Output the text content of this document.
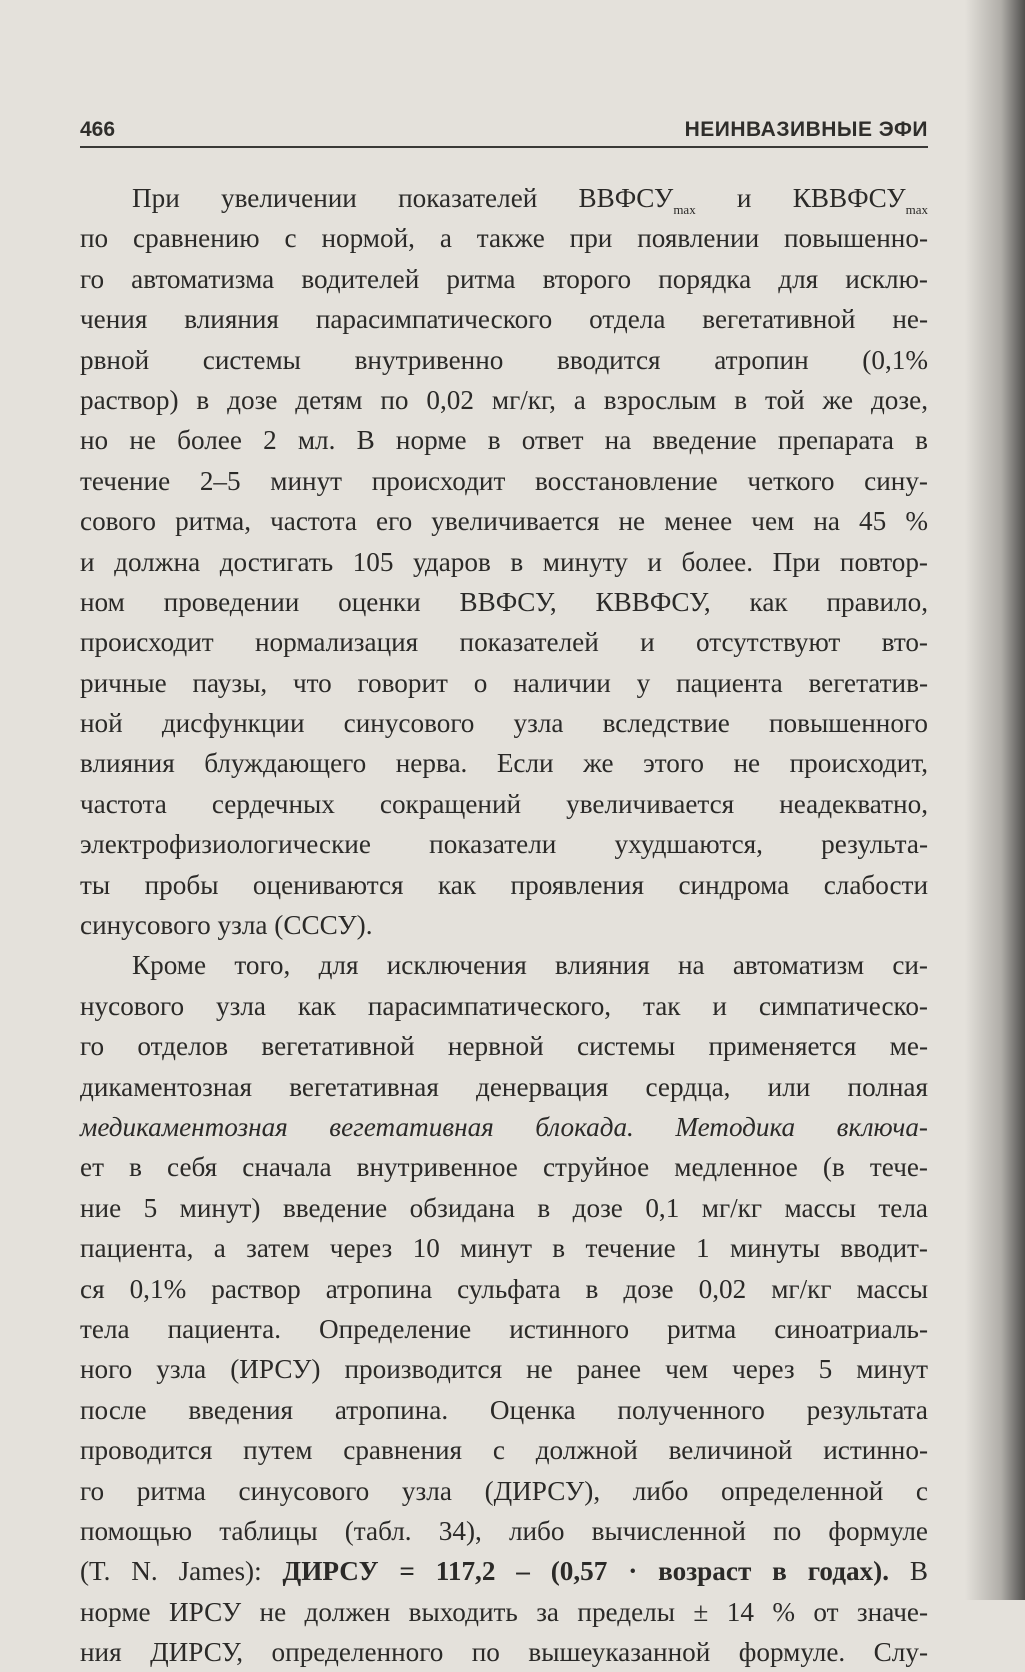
466	НЕИНВАЗИВНЫЕ ЭФИ
При увеличении показателей $ВВФСУ_{max}$ и $КВВФСУ_{max}$
по сравнению с нормой, а также при появлении повышенно-
го автоматизма водителей ритма второго порядка для исклю-
чения влияния парасимпатического отдела вегетативной не-
рвной системы внутривенно вводится атропин (0,1%
раствор) в дозе детям по 0,02 мг/кг, а взрослым в той же дозе,
но не более 2 мл. В норме в ответ на введение препарата в
течение 2–5 минут происходит восстановление четкого сину-
сового ритма, частота его увеличивается не менее чем на 45 %
и должна достигать 105 ударов в минуту и более. При повтор-
ном проведении оценки ВВФСУ, КВВФСУ, как правило,
происходит нормализация показателей и отсутствуют вто-
ричные паузы, что говорит о наличии у пациента вегетатив-
ной дисфункции синусового узла вследствие повышенного
влияния блуждающего нерва. Если же этого не происходит,
частота сердечных сокращений увеличивается неадекватно,
электрофизиологические показатели ухудшаются, результа-
ты пробы оцениваются как проявления синдрома слабости
синусового узла (СССУ).
Кроме того, для исключения влияния на автоматизм си-
нусового узла как парасимпатического, так и симпатическо-
го отделов вегетативной нервной системы применяется ме-
дикаментозная вегетативная денервация сердца, или полная
медикаментозная вегетативная блокада. Методика включа-
ет в себя сначала внутривенное струйное медленное (в тече-
ние 5 минут) введение обзидана в дозе 0,1 мг/кг массы тела
пациента, а затем через 10 минут в течение 1 минуты вводит-
ся 0,1% раствор атропина сульфата в дозе 0,02 мг/кг массы
тела пациента. Определение истинного ритма синоатриаль-
ного узла (ИРСУ) производится не ранее чем через 5 минут
после введения атропина. Оценка полученного результата
проводится путем сравнения с должной величиной истинно-
го ритма синусового узла (ДИРСУ), либо определенной с
помощью таблицы (табл. 34), либо вычисленной по формуле
(T. N. James): ДИРСУ = 117,2 – (0,57 · возраст в годах). В
норме ИРСУ не должен выходить за пределы ± 14 % от значе-
ния ДИРСУ, определенного по вышеуказанной формуле. Слу-
